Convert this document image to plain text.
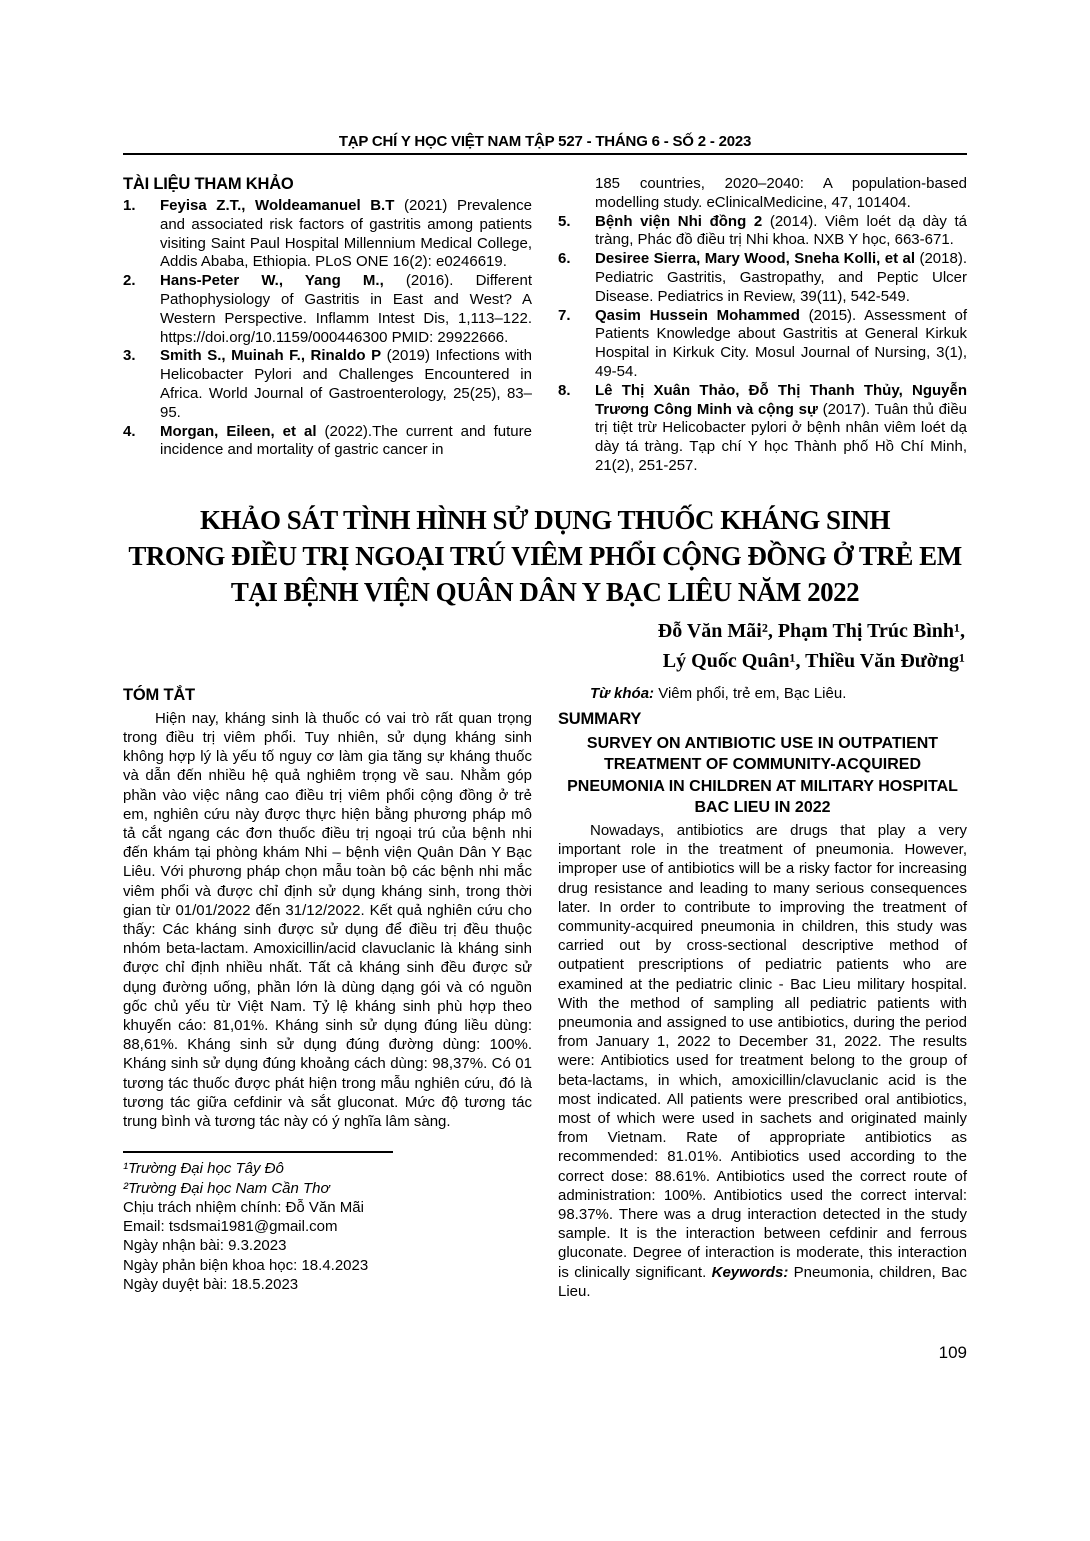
TẠP CHÍ Y HỌC VIỆT NAM TẬP 527 - THÁNG 6 - SỐ 2 - 2023
TÀI LIỆU THAM KHẢO
1.	Feyisa Z.T., Woldeamanuel B.T (2021) Prevalence and associated risk factors of gastritis among patients visiting Saint Paul Hospital Millennium Medical College, Addis Ababa, Ethiopia. PLoS ONE 16(2): e0246619.
2.	Hans-Peter W., Yang M., (2016). Different Pathophysiology of Gastritis in East and West? A Western Perspective. Inflamm Intest Dis, 1,113–122. https://doi.org/10.1159/000446300 PMID: 29922666.
3.	Smith S., Muinah F., Rinaldo P (2019) Infections with Helicobacter Pylori and Challenges Encountered in Africa. World Journal of Gastroenterology, 25(25), 83–95.
4.	Morgan, Eileen, et al (2022).The current and future incidence and mortality of gastric cancer in
185 countries, 2020–2040: A population-based modelling study. eClinicalMedicine, 47, 101404.
5.	Bệnh viện Nhi đồng 2 (2014). Viêm loét dạ dày tá tràng, Phác đồ điều trị Nhi khoa. NXB Y học, 663-671.
6.	Desiree Sierra, Mary Wood, Sneha Kolli, et al (2018). Pediatric Gastritis, Gastropathy, and Peptic Ulcer Disease. Pediatrics in Review, 39(11), 542-549.
7.	Qasim Hussein Mohammed (2015). Assessment of Patients Knowledge about Gastritis at General Kirkuk Hospital in Kirkuk City. Mosul Journal of Nursing, 3(1), 49-54.
8.	Lê Thị Xuân Thảo, Đỗ Thị Thanh Thủy, Nguyễn Trương Công Minh và cộng sự (2017). Tuân thủ điều trị tiệt trừ Helicobacter pylori ở bệnh nhân viêm loét dạ dày tá tràng. Tạp chí Y học Thành phố Hồ Chí Minh, 21(2), 251-257.
KHẢO SÁT TÌNH HÌNH SỬ DỤNG THUỐC KHÁNG SINH
TRONG ĐIỀU TRỊ NGOẠI TRÚ VIÊM PHỔI CỘNG ĐỒNG Ở TRẺ EM
TẠI BỆNH VIỆN QUÂN DÂN Y BẠC LIÊU NĂM 2022
Đỗ Văn Mãi², Phạm Thị Trúc Bình¹,
Lý Quốc Quân¹, Thiều Văn Đường¹
TÓM TẮT

Hiện nay, kháng sinh là thuốc có vai trò rất quan trọng trong điều trị viêm phổi. Tuy nhiên, sử dụng kháng sinh không hợp lý là yếu tố nguy cơ làm gia tăng sự kháng thuốc và dẫn đến nhiều hệ quả nghiêm trọng về sau. Nhằm góp phần vào việc nâng cao điều trị viêm phổi cộng đồng ở trẻ em, nghiên cứu này được thực hiện bằng phương pháp mô tả cắt ngang các đơn thuốc điều trị ngoại trú của bệnh nhi đến khám tại phòng khám Nhi – bệnh viện Quân Dân Y Bạc Liêu. Với phương pháp chọn mẫu toàn bộ các bệnh nhi mắc viêm phổi và được chỉ định sử dụng kháng sinh, trong thời gian từ 01/01/2022 đến 31/12/2022. Kết quả nghiên cứu cho thấy: Các kháng sinh được sử dụng để điều trị đều thuộc nhóm beta-lactam. Amoxicillin/acid clavuclanic là kháng sinh được chỉ định nhiều nhất. Tất cả kháng sinh đều được sử dụng đường uống, phần lớn là dùng dạng gói và có nguồn gốc chủ yếu từ Việt Nam. Tỷ lệ kháng sinh phù hợp theo khuyến cáo: 81,01%. Kháng sinh sử dụng đúng liều dùng: 88,61%. Kháng sinh sử dụng đúng đường dùng: 100%. Kháng sinh sử dụng đúng khoảng cách dùng: 98,37%. Có 01 tương tác thuốc được phát hiện trong mẫu nghiên cứu, đó là tương tác giữa cefdinir và sắt gluconat. Mức độ tương tác trung bình và tương tác này có ý nghĩa lâm sàng.

¹Trường Đại học Tây Đô
²Trường Đại học Nam Cần Thơ
Chịu trách nhiệm chính: Đỗ Văn Mãi
Email: tsdsmai1981@gmail.com
Ngày nhận bài: 9.3.2023
Ngày phản biện khoa học: 18.4.2023
Ngày duyệt bài: 18.5.2023
Từ khóa: Viêm phổi, trẻ em, Bạc Liêu.
SUMMARY
SURVEY ON ANTIBIOTIC USE IN OUTPATIENT TREATMENT OF COMMUNITY-ACQUIRED PNEUMONIA IN CHILDREN AT MILITARY HOSPITAL BAC LIEU IN 2022

Nowadays, antibiotics are drugs that play a very important role in the treatment of pneumonia. However, improper use of antibiotics will be a risky factor for increasing drug resistance and leading to many serious consequences later. In order to contribute to improving the treatment of community-acquired pneumonia in children, this study was carried out by cross-sectional descriptive method of outpatient prescriptions of pediatric patients who are examined at the pediatric clinic - Bac Lieu military hospital. With the method of sampling all pediatric patients with pneumonia and assigned to use antibiotics, during the period from January 1, 2022 to December 31, 2022. The results were: Antibiotics used for treatment belong to the group of beta-lactams, in which, amoxicillin/clavuclanic acid is the most indicated. All patients were prescribed oral antibiotics, most of which were used in sachets and originated mainly from Vietnam. Rate of appropriate antibiotics as recommended: 81.01%. Antibiotics used according to the correct dose: 88.61%. Antibiotics used the correct route of administration: 100%. Antibiotics used the correct interval: 98.37%. There was a drug interaction detected in the study sample. It is the interaction between cefdinir and ferrous gluconate. Degree of interaction is moderate, this interaction is clinically significant. Keywords: Pneumonia, children, Bac Lieu.

109
